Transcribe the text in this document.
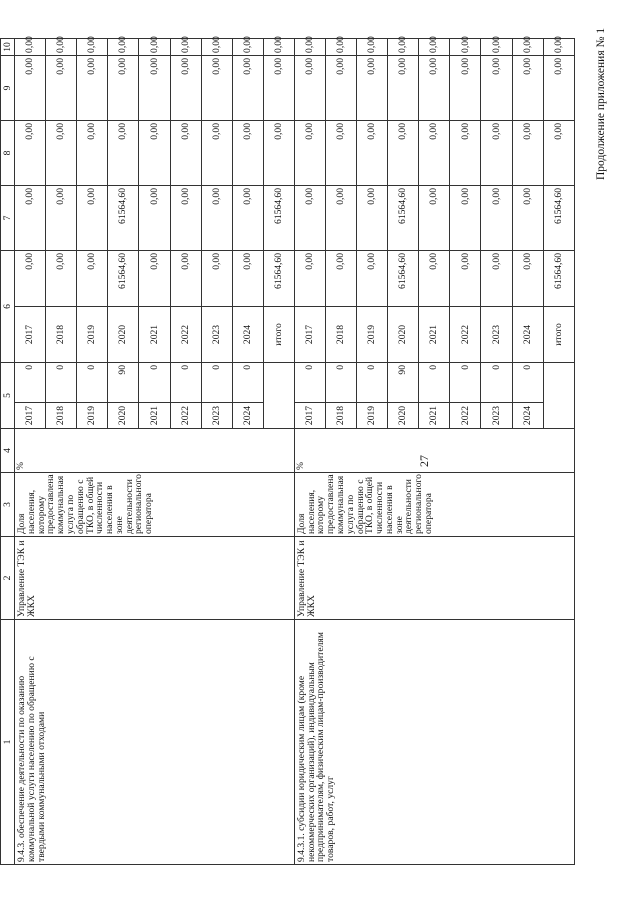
27
Продолжение приложения № 1
1	2	3	4	5		6		7	8	9	10
9.4.3. обеспечение деятельности по оказанию коммунальной услуги населению по обращению с твердыми коммунальными отходами	Управление ТЭК и ЖКХ	Доля населения, которому предоставлена коммунальная услуга по обращению с ТКО, в общей численности населения в зоне деятельности регионального оператора	%	2017	0	2017	0,00	0,00	0,00	0,00	0,00
				2018	0	2018	0,00	0,00	0,00	0,00	0,00
				2019	0	2019	0,00	0,00	0,00	0,00	0,00
				2020	90	2020	61564,60	61564,60	0,00	0,00	0,00
				2021	0	2021	0,00	0,00	0,00	0,00	0,00
				2022	0	2022	0,00	0,00	0,00	0,00	0,00
				2023	0	2023	0,00	0,00	0,00	0,00	0,00
				2024	0	2024	0,00	0,00	0,00	0,00	0,00
						итого	61564,60	61564,60	0,00	0,00	0,00
9.4.3.1. субсидии юридическим лицам (кроме некоммерческих организаций), индивидуальным предпринимателям, физическим лицам-производителям товаров, работ, услуг	Управление ТЭК и ЖКХ	Доля населения, которому предоставлена коммунальная услуга по обращению с ТКО, в общей численности населения в зоне деятельности регионального оператора	%	2017	0	2017	0,00	0,00	0,00	0,00	0,00
				2018	0	2018	0,00	0,00	0,00	0,00	0,00
				2019	0	2019	0,00	0,00	0,00	0,00	0,00
				2020	90	2020	61564,60	61564,60	0,00	0,00	0,00
				2021	0	2021	0,00	0,00	0,00	0,00	0,00
				2022	0	2022	0,00	0,00	0,00	0,00	0,00
				2023	0	2023	0,00	0,00	0,00	0,00	0,00
				2024	0	2024	0,00	0,00	0,00	0,00	0,00
						итого	61564,60	61564,60	0,00	0,00	0,00
